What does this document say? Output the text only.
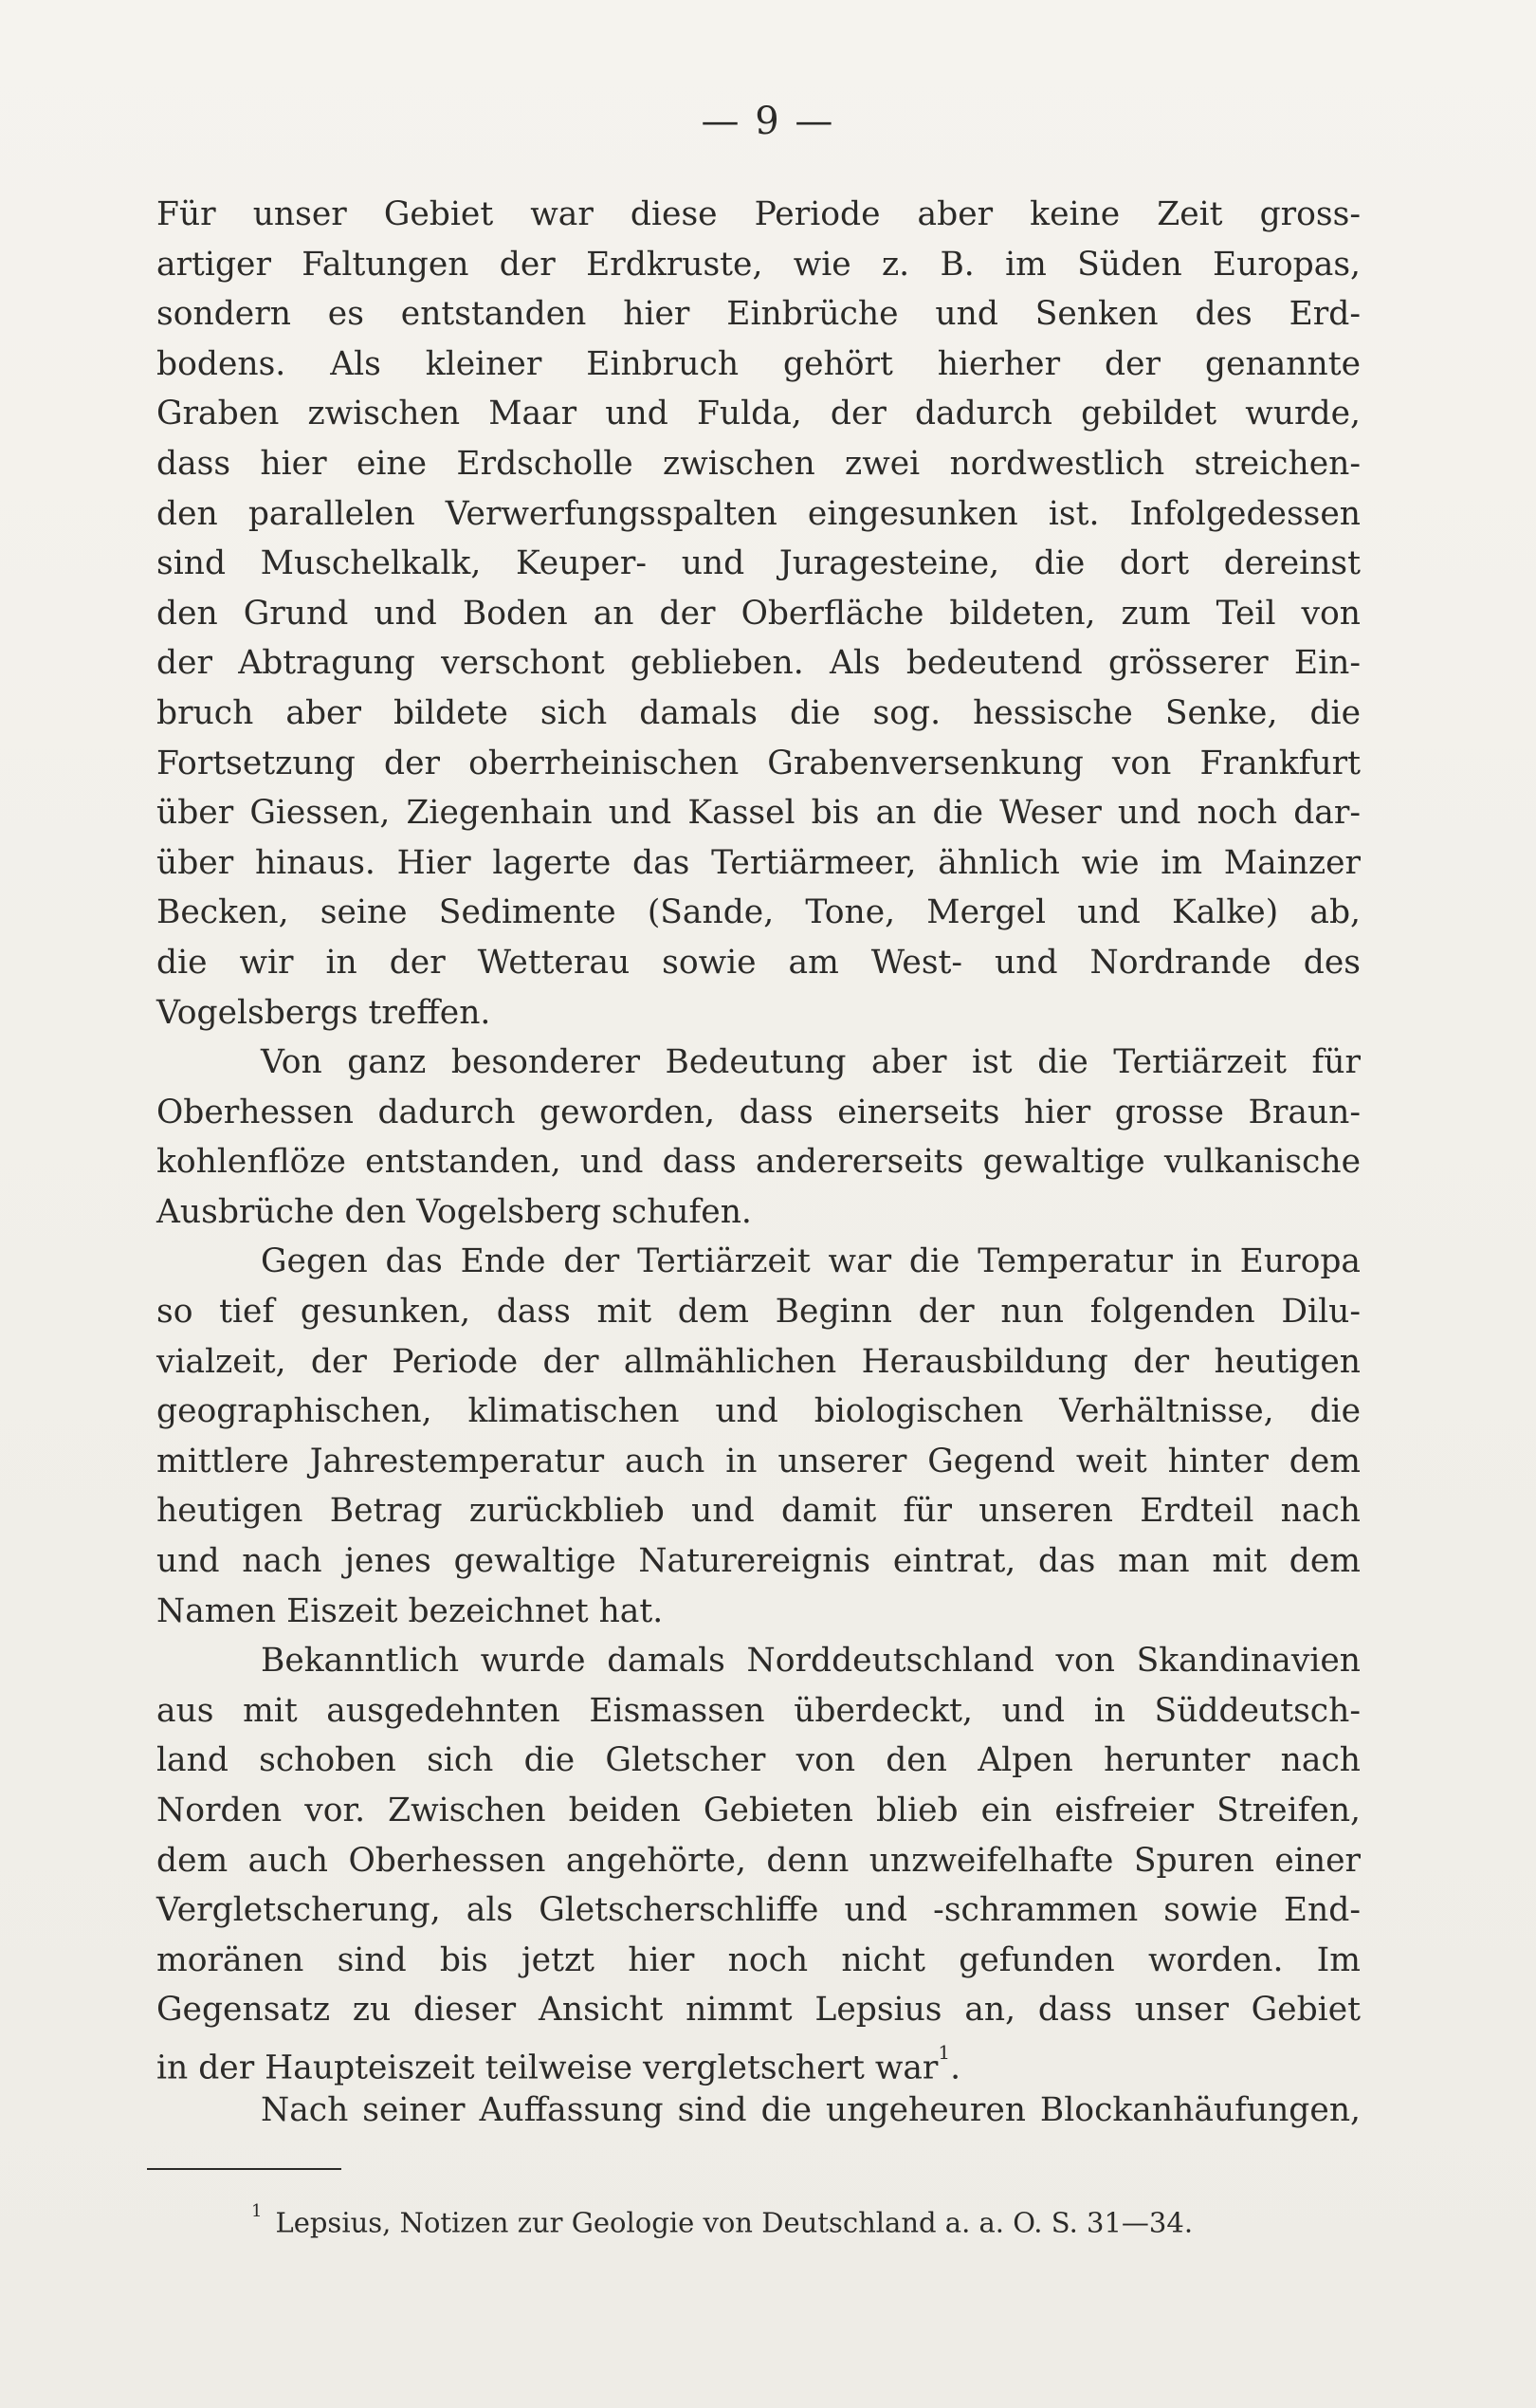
— 9 —
Für unser Gebiet war diese Periode aber keine Zeit gross-
artiger Faltungen der Erdkruste, wie z. B. im Süden Europas,
sondern es entstanden hier Einbrüche und Senken des Erd-
bodens. Als kleiner Einbruch gehört hierher der genannte
Graben zwischen Maar und Fulda, der dadurch gebildet wurde,
dass hier eine Erdscholle zwischen zwei nordwestlich streichen-
den parallelen Verwerfungsspalten eingesunken ist. Infolgedessen
sind Muschelkalk, Keuper- und Juragesteine, die dort dereinst
den Grund und Boden an der Oberfläche bildeten, zum Teil von
der Abtragung verschont geblieben. Als bedeutend grösserer Ein-
bruch aber bildete sich damals die sog. hessische Senke, die
Fortsetzung der oberrheinischen Grabenversenkung von Frankfurt
über Giessen, Ziegenhain und Kassel bis an die Weser und noch dar-
über hinaus. Hier lagerte das Tertiärmeer, ähnlich wie im Mainzer
Becken, seine Sedimente (Sande, Tone, Mergel und Kalke) ab,
die wir in der Wetterau sowie am West- und Nordrande des
Vogelsbergs treffen.
Von ganz besonderer Bedeutung aber ist die Tertiärzeit für
Oberhessen dadurch geworden, dass einerseits hier grosse Braun-
kohlenflöze entstanden, und dass andererseits gewaltige vulkanische
Ausbrüche den Vogelsberg schufen.
Gegen das Ende der Tertiärzeit war die Temperatur in Europa
so tief gesunken, dass mit dem Beginn der nun folgenden Dilu-
vialzeit, der Periode der allmählichen Herausbildung der heutigen
geographischen, klimatischen und biologischen Verhältnisse, die
mittlere Jahrestemperatur auch in unserer Gegend weit hinter dem
heutigen Betrag zurückblieb und damit für unseren Erdteil nach
und nach jenes gewaltige Naturereignis eintrat, das man mit dem
Namen Eiszeit bezeichnet hat.
Bekanntlich wurde damals Norddeutschland von Skandinavien
aus mit ausgedehnten Eismassen überdeckt, und in Süddeutsch-
land schoben sich die Gletscher von den Alpen herunter nach
Norden vor. Zwischen beiden Gebieten blieb ein eisfreier Streifen,
dem auch Oberhessen angehörte, denn unzweifelhafte Spuren einer
Vergletscherung, als Gletscherschliffe und -schrammen sowie End-
moränen sind bis jetzt hier noch nicht gefunden worden. Im
Gegensatz zu dieser Ansicht nimmt Lepsius an, dass unser Gebiet
in der Haupteiszeit teilweise vergletschert war$^1$.
Nach seiner Auffassung sind die ungeheuren Blockanhäufungen,
$^1$ Lepsius, Notizen zur Geologie von Deutschland a. a. O. S. 31—34.
